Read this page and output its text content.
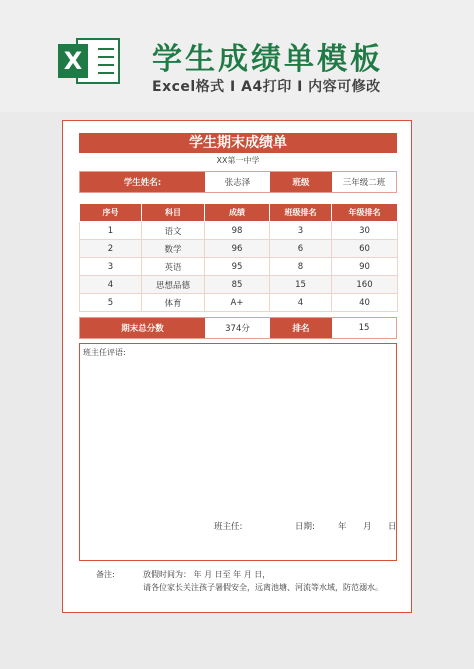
X 学生成绩单模板
Excel格式 I A4打印 I 内容可修改
学生期末成绩单
XX第一中学
学生姓名:	张志泽	班级	三年级二班
序号	科目	成绩	班级排名	年级排名
1	语文	98	3	30
2	数学	96	6	60
3	英语	95	8	90
4	思想品德	85	15	160
5	体育	A+	4	40
期末总分数	374分	排名	15
班主任评语:
班主任:	日期:	年 月 日
备注:	放假时间为： 年 月 日至 年 月 日，
请各位家长关注孩子暑假安全，远离池塘、河流等水域，防范溺水。
